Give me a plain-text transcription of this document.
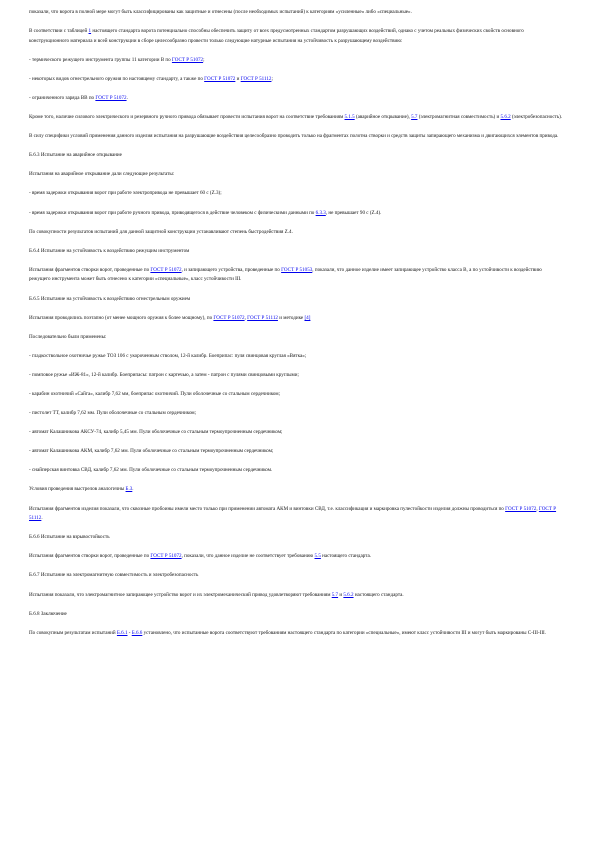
показали, что ворота в полной мере могут быть классифицированы как защитные и отнесены (после необходимых испытаний) к категориям «усиленные» либо «специальные».

В соответствии с таблицей 1 настоящего стандарта ворота потенциально способны обеспечить защиту от всех предусмотренных стандартом разрушающих воздействий, однако с учетом реальных физических свойств основного конструкционного материала и всей конструкции в сборе целесообразно провести только следующие натурные испытания на устойчивость к разрушающему воздействию:

- термического режущего инструмента группы 11 категории В по ГОСТ Р 51072;

- некоторых видов огнестрельного оружия по настоящему стандарту, а также по ГОСТ Р 51072 и ГОСТ Р 51112;

- ограниченного заряда ВВ по ГОСТ Р 51072.

Кроме того, наличие силового электрического и резервного ручного привода обязывает провести испытания ворот на соответствие требованиям 5.1.5 (аварийное открывание), 5.7 (электромагнитная совместимость) и 5.6.2 (электробезопасность).

В силу специфики условий применения данного изделия испытания на разрушающие воздействия целесообразно проводить только на фрагментах полотна створки и средств защиты запирающего механизма и двигающихся элементов привода.

Б.6.3 Испытание на аварийное открывание

Испытания на аварийное открывание дали следующие результаты:

- время задержки открывания ворот при работе электропривода не превышает 60 с (Z.3);

- время задержки открывания ворот при работе ручного привода, приводящегося в действие человеком с физическими данными по 6.3.3, не превышает 90 с (Z.4).

По совокупности результатов испытаний для данной защитной конструкции устанавливают степень быстродействия Z.4.

Б.6.4 Испытание на устойчивость к воздействию режущим инструментом

Испытания фрагментов створки ворот, проведенные по ГОСТ Р 51072, и запирающего устройства, проведенные по ГОСТ Р 51053, показали, что данное изделие имеет запирающее устройство класса В, а по устойчивости к воздействию режущего инструмента может быть отнесено к категории «специальные», класс устойчивости III.

Б.6.5 Испытание на устойчивость к воздействию огнестрельным оружием

Испытания проводились поэтапно (от менее мощного оружия к более мощному), по ГОСТ Р 51072, ГОСТ Р 51112 и методике [4]

Последовательно были применены:

- гладкоствольное охотничье ружье ТОЗ 106 с укороченным стволом, 12-й калибр. Боеприпас: пуля свинцовая круглая «Вятка»;

- помповое ружье «ИЖ-81», 12-й калибр. Боеприпасы: патрон с картечью, а затем - патрон с пулями свинцовыми круглыми;

- карабин охотничий «Сайга», калибр 7,62 мм, боеприпас охотничий. Пули оболочечные со стальным сердечником;

- пистолет ТТ, калибр 7,62 мм. Пули оболочечные со стальным сердечником;

- автомат Калашникова АКСУ-74, калибр 5,45 мм. Пули оболочечные со стальным термоупрочненным сердечником;

- автомат Калашникова АКМ, калибр 7,62 мм. Пули оболочечные со стальным термоупрочненным сердечником;

- снайперская винтовка СВД, калибр 7,62 мм. Пули оболочечные со стальным термоупрочненным сердечником.

Условия проведения выстрелов аналогичны Б.3.

Испытания фрагментов изделия показали, что сквозные пробоины имели место только при применении автомата АКМ и винтовки СВД, т.е. классификация и маркировка пулестойкости изделия должны проводиться по ГОСТ Р 51072, ГОСТ Р 51112.

Б.6.6 Испытание на взрывостойкость

Испытания фрагментов створки ворот, проведенные по ГОСТ Р 51072, показали, что данное изделие не соответствует требованию 5.5 настоящего стандарта.

Б.6.7 Испытание на электромагнитную совместимость и электробезопасность

Испытания показали, что электромагнитное запирающее устройство ворот и их электромеханический привод удовлетворяют требованиям 5.7 и 5.6.2 настоящего стандарта.

Б.6.8 Заключение

По совокупным результатам испытаний Б.6.1 - Б.6.6 установлено, что испытанные ворота соответствуют требованиям настоящего стандарта по категории «специальные», имеют класс устойчивости III и могут быть маркированы С-III-III.
